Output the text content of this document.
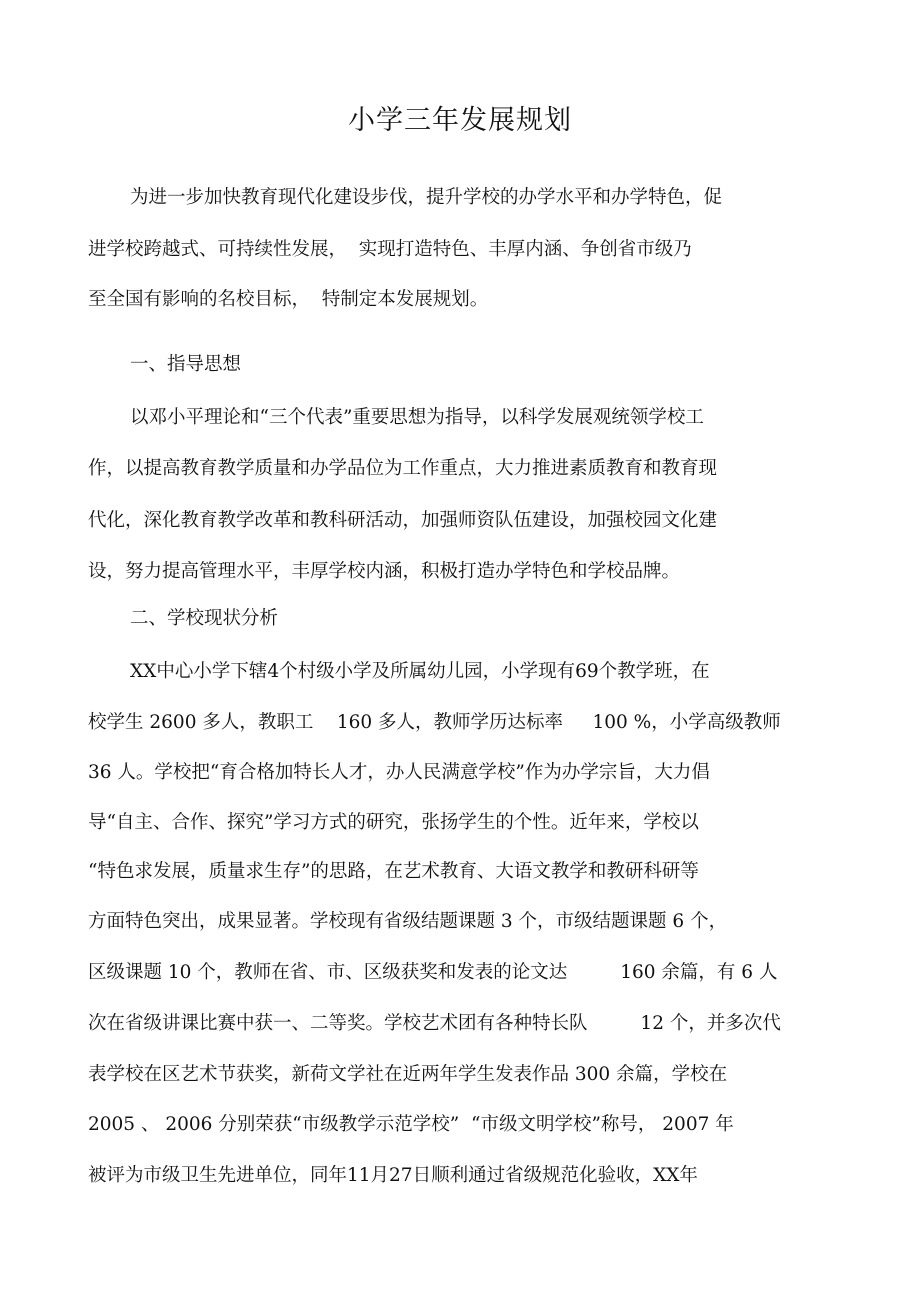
小学三年发展规划
为进一步加快教育现代化建设步伐，提升学校的办学水平和办学特色，促
进学校跨越式、可持续性发展，  实现打造特色、丰厚内涵、争创省市级乃
至全国有影响的名校目标，  特制定本发展规划。
一、指导思想
以邓小平理论和“三个代表”重要思想为指导，以科学发展观统领学校工
作，以提高教育教学质量和办学品位为工作重点，大力推进素质教育和教育现
代化，深化教育教学改革和教科研活动，加强师资队伍建设，加强校园文化建
设，努力提高管理水平，丰厚学校内涵，积极打造办学特色和学校品牌。
二、学校现状分析
XX中心小学下辖4个村级小学及所属幼儿园，小学现有69个教学班，在
校学生 2600 多人，教职工    160 多人，教师学历达标率     100 %，小学高级教师
36 人。学校把“育合格加特长人才，办人民满意学校”作为办学宗旨，大力倡
导“自主、合作、探究”学习方式的研究，张扬学生的个性。近年来，学校以
“特色求发展，质量求生存”的思路，在艺术教育、大语文教学和教研科研等
方面特色突出，成果显著。学校现有省级结题课题 3 个，市级结题课题 6 个，
区级课题 10 个，教师在省、市、区级获奖和发表的论文达         160 余篇，有 6 人
次在省级讲课比赛中获一、二等奖。学校艺术团有各种特长队         12 个，并多次代
表学校在区艺术节获奖，新荷文学社在近两年学生发表作品 300 余篇，学校在
2005 、 2006 分别荣获“市级教学示范学校”  “市级文明学校”称号， 2007 年
被评为市级卫生先进单位，同年11月27日顺利通过省级规范化验收，XX年
